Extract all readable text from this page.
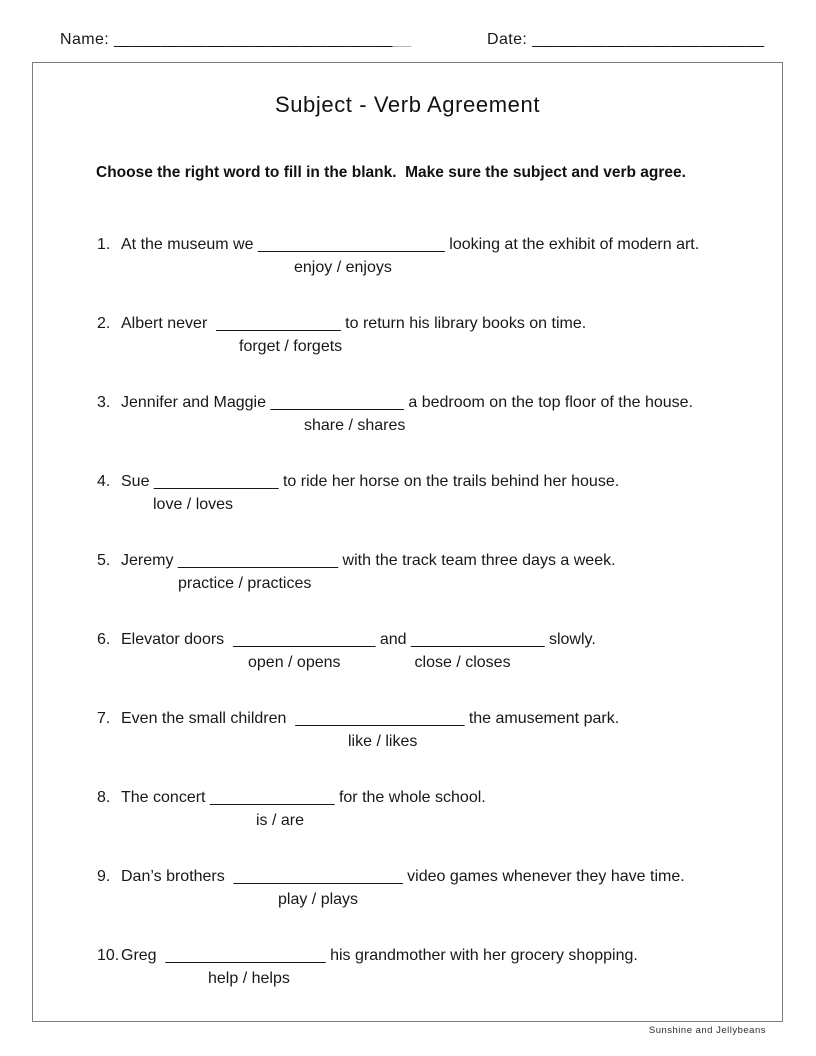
Name: ________________________________	Date: _________________________
Subject - Verb Agreement

Choose the right word to fill in the blank.  Make sure the subject and verb agree.

1. At the museum we _____________________ looking at the exhibit of modern art.
enjoy / enjoys
2. Albert never  ______________ to return his library books on time.
forget / forgets
3. Jennifer and Maggie _______________ a bedroom on the top floor of the house.
share / shares
4. Sue ______________ to ride her horse on the trails behind her house.
love / loves
5. Jeremy __________________ with the track team three days a week.
practice / practices
6. Elevator doors  ________________ and _______________ slowly.
open / opens	close / closes
7. Even the small children  ___________________ the amusement park.
like / likes
8. The concert ______________ for the whole school.
is / are
9. Dan’s brothers  ___________________ video games whenever they have time.
play / plays
10. Greg  __________________ his grandmother with her grocery shopping.
help / helps
Sunshine and Jellybeans
